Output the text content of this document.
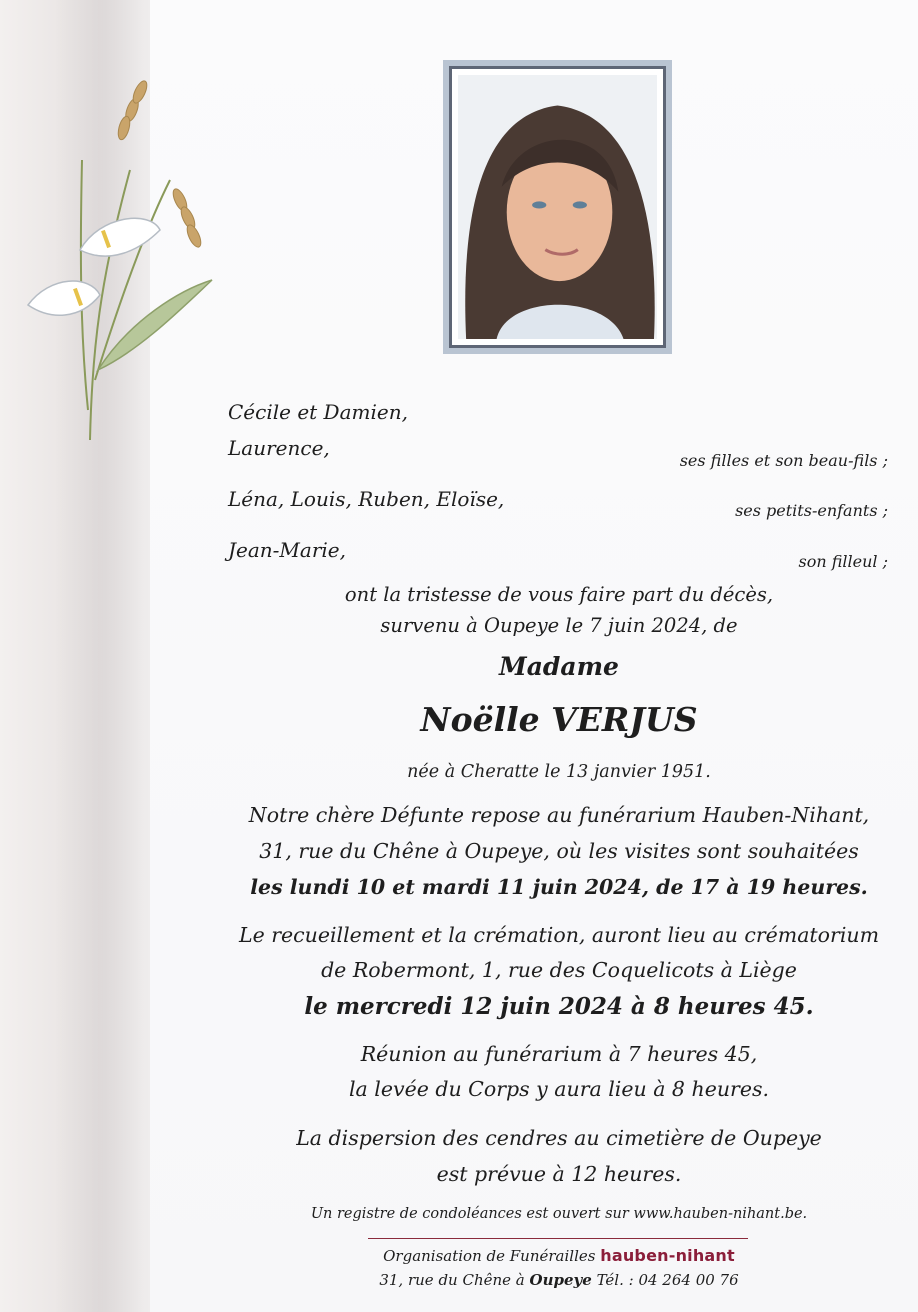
Cécile et Damien,
Laurence,
ses filles et son beau-fils ;
Léna, Louis, Ruben, Eloïse,	ses petits-enfants ;
Jean-Marie,	son filleul ;
ont la tristesse de vous faire part du décès,
survenu à Oupeye le 7 juin 2024, de
Madame
Noëlle VERJUS
née à Cheratte le 13 janvier 1951.
Notre chère Défunte repose au funérarium Hauben-Nihant,
31, rue du Chêne à Oupeye, où les visites sont souhaitées
les lundi 10 et mardi 11 juin 2024, de 17 à 19 heures.
Le recueillement et la crémation, auront lieu au crématorium
de Robermont, 1, rue des Coquelicots à Liège
le mercredi 12 juin 2024 à 8 heures 45.
Réunion au funérarium à 7 heures 45,
la levée du Corps y aura lieu à 8 heures.
La dispersion des cendres au cimetière de Oupeye
est prévue à 12 heures.
Un registre de condoléances est ouvert sur www.hauben-nihant.be.
Organisation de Funérailles hauben-nihant
31, rue du Chêne à Oupeye Tél. : 04 264 00 76
